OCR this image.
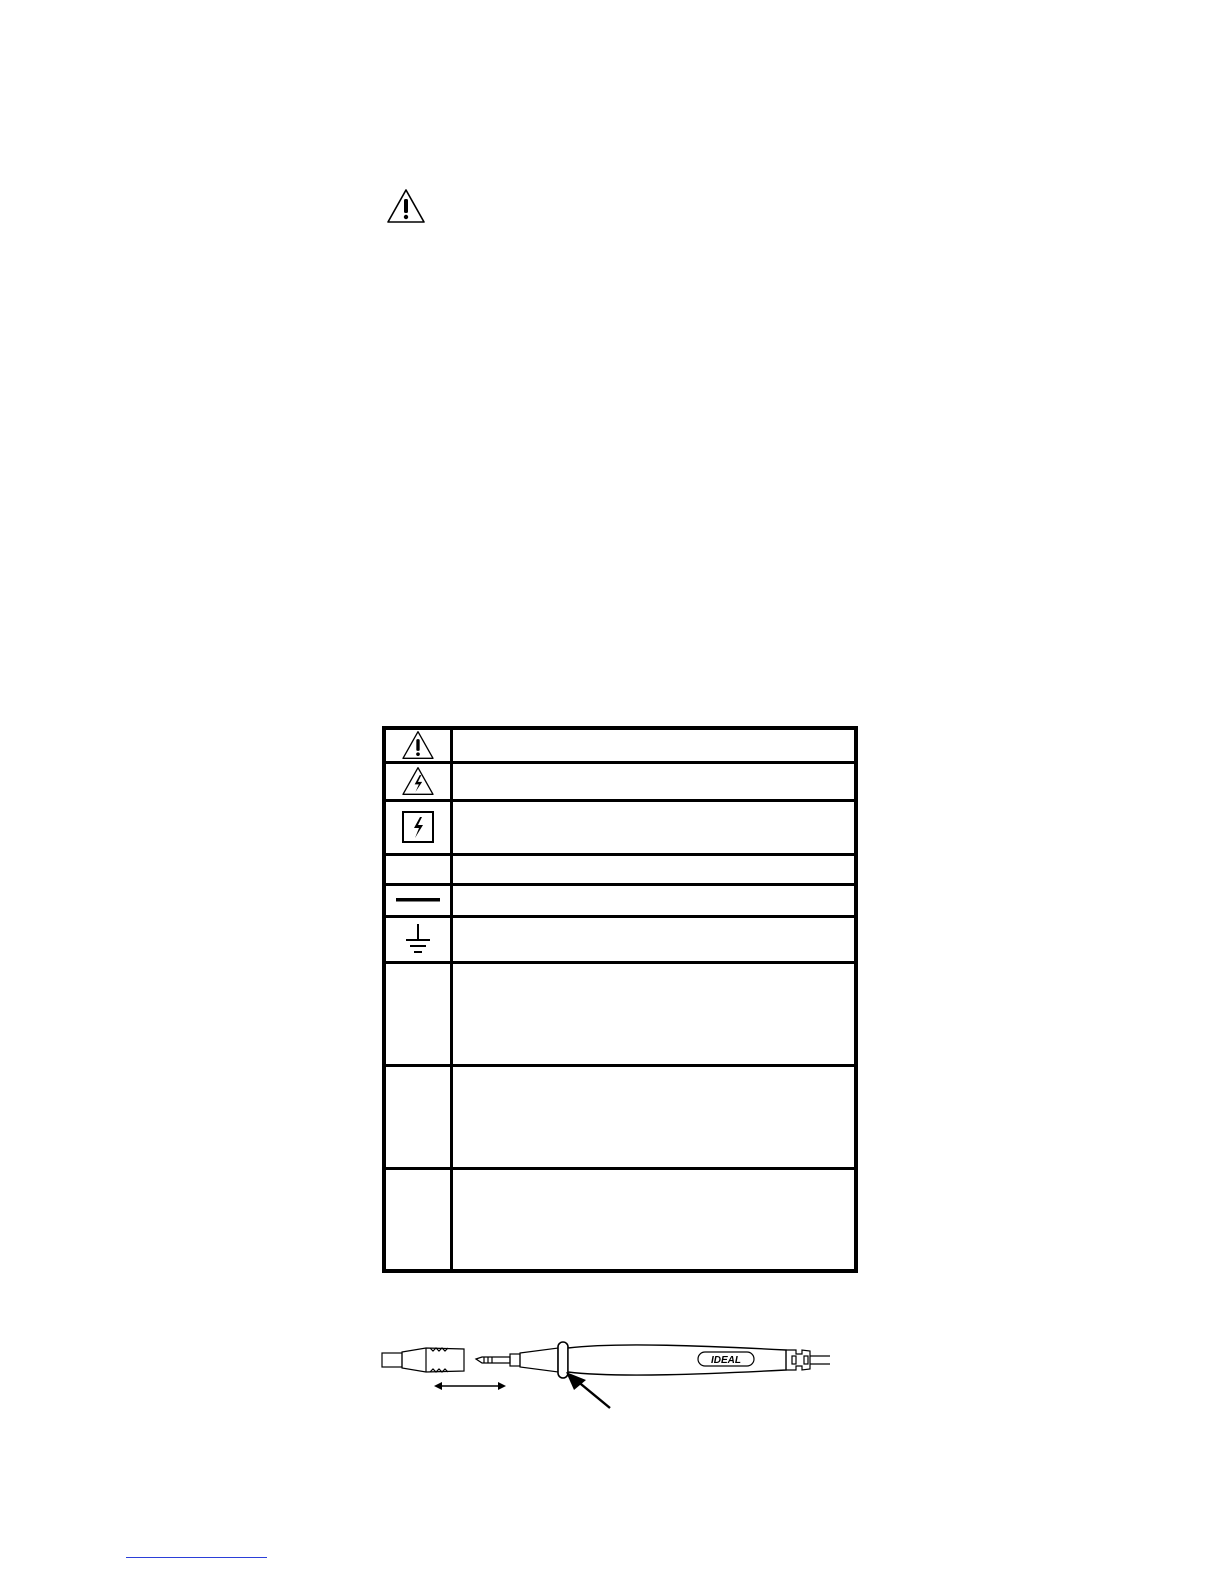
IDEAL
